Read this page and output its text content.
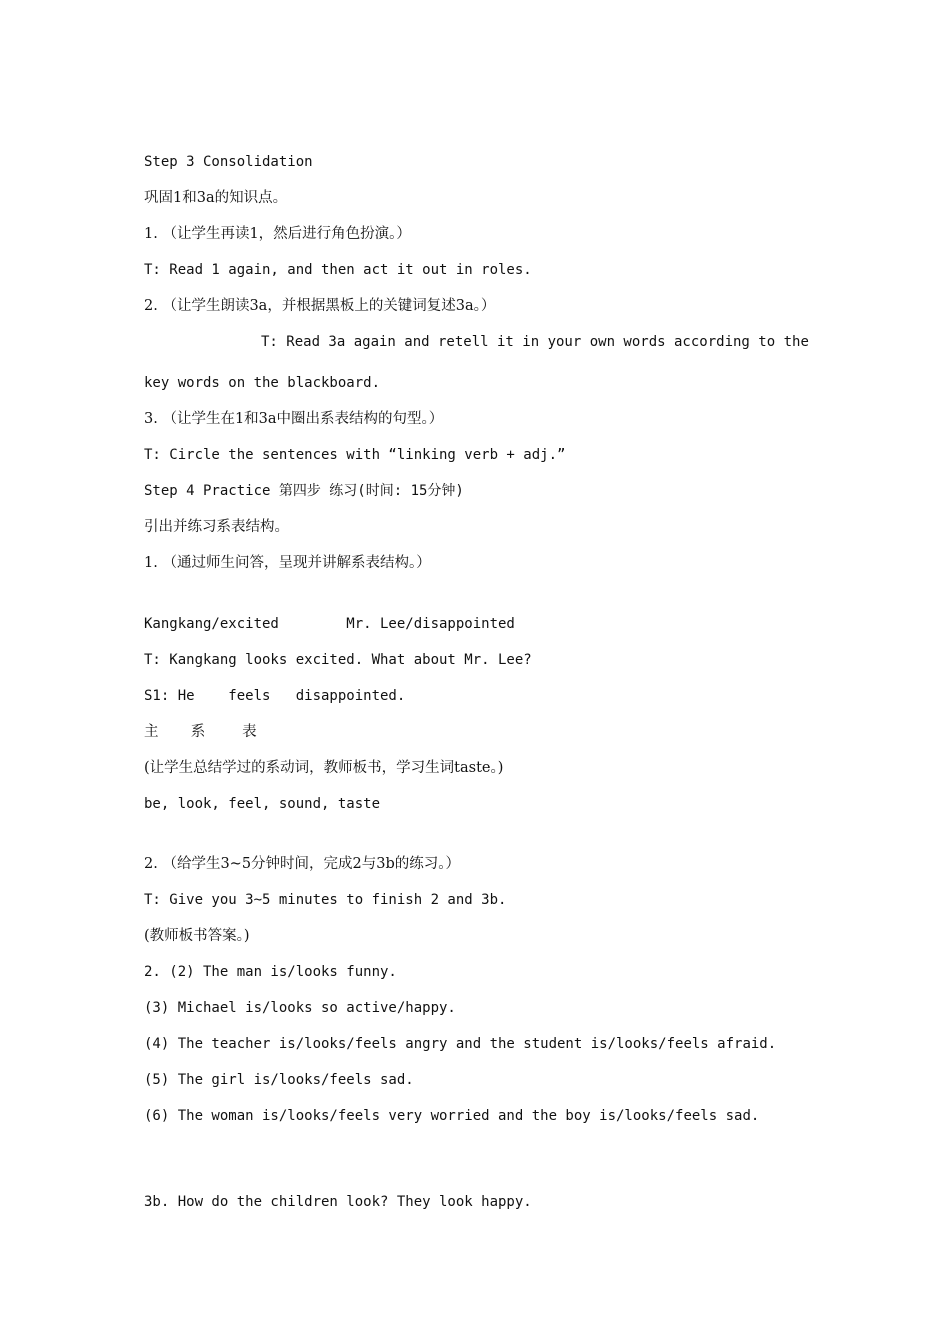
Step 3 Consolidation

巩固1和3a的知识点。

1. （让学生再读1，然后进行角色扮演。）

T: Read 1 again, and then act it out in roles.

2. （让学生朗读3a，并根据黑板上的关键词复述3a。）

T: Read 3a again and retell it in your own words according to the

key words on the blackboard.

3. （让学生在1和3a中圈出系表结构的句型。）

T: Circle the sentences with “linking verb + adj.”

Step 4 Practice 第四步 练习(时间: 15分钟)

引出并练习系表结构。

1. （通过师生问答，呈现并讲解系表结构。）

Kangkang/excited        Mr. Lee/disappointed

T: Kangkang looks excited. What about Mr. Lee?

S1: He    feels   disappointed.

主       系        表

(让学生总结学过的系动词，教师板书，学习生词taste。)

be, look, feel, sound, taste

2. （给学生3~5分钟时间，完成2与3b的练习。）

T: Give you 3~5 minutes to finish 2 and 3b.

(教师板书答案。)

2. (2) The man is/looks funny.

(3) Michael is/looks so active/happy.

(4) The teacher is/looks/feels angry and the student is/looks/feels afraid.

(5) The girl is/looks/feels sad.

(6) The woman is/looks/feels very worried and the boy is/looks/feels sad.

3b. How do the children look? They look happy.
